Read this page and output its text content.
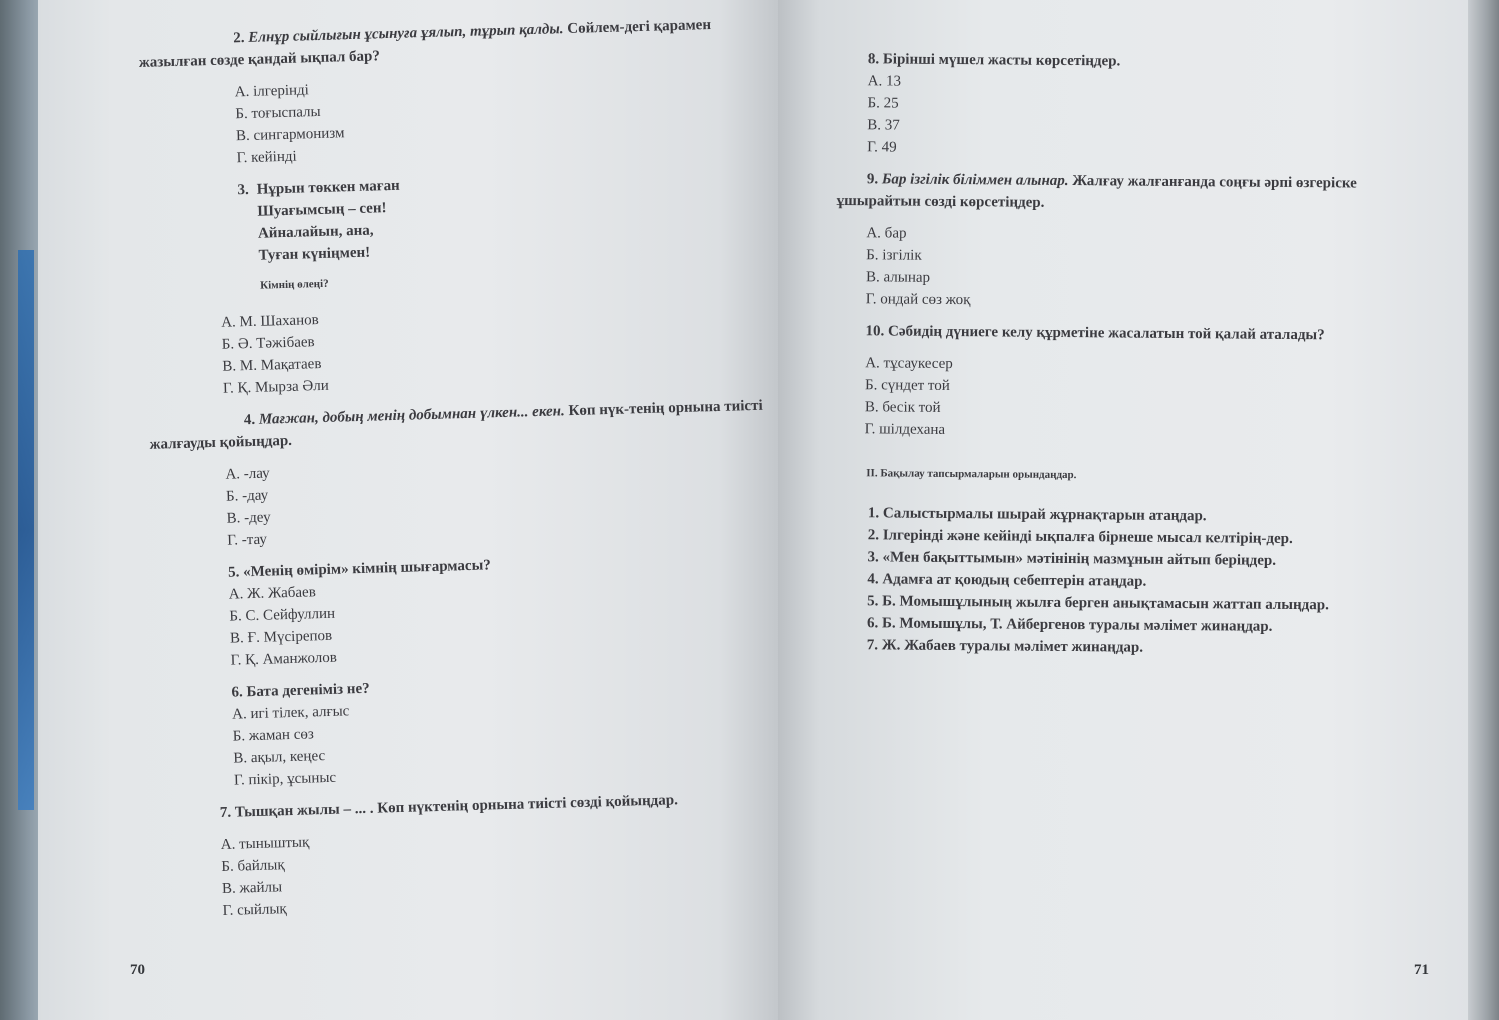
2. Елнұр сыйлығын ұсынуға ұялып, тұрып қалды. Сөйлем-дегі қарамен жазылған сөзде қандай ықпал бар?

А. ілгерінді

Б. тоғыспалы

В. сингармонизм

Г. кейінді

3. Нұрын төккен маған

Шуағымсың – сен!

Айналайын, ана,

Туған күніңмен!

Кімнің өлеңі?

А. М. Шаханов

Б. Ә. Тәжібаев

В. М. Мақатаев

Г. Қ. Мырза Әли

4. Мағжан, добың менің добымнан үлкен... екен. Көп нүк-тенің орнына тиісті жалғауды қойыңдар.

А. -лау

Б. -дау

В. -деу

Г. -тау

5. «Менің өмірім» кімнің шығармасы?

А. Ж. Жабаев

Б. С. Сейфуллин

В. Ғ. Мүсірепов

Г. Қ. Аманжолов

6. Бата дегеніміз не?

А. игі тілек, алғыс

Б. жаман сөз

В. ақыл, кеңес

Г. пікір, ұсыныс

7. Тышқан жылы – ... . Көп нүктенің орнына тиісті сөзді қойыңдар.

А. тыныштық

Б. байлық

В. жайлы

Г. сыйлық

70

8. Бірінші мүшел жасты көрсетіңдер.

А. 13

Б. 25

В. 37

Г. 49

9. Бар ізгілік біліммен алынар. Жалғау жалғанғанда соңғы әрпі өзгеріске ұшырайтын сөзді көрсетіңдер.

А. бар

Б. ізгілік

В. алынар

Г. ондай сөз жоқ

10. Сәбидің дүниеге келу құрметіне жасалатын той қалай аталады?

А. тұсаукесер

Б. сүндет той

В. бесік той

Г. шілдехана

II. Бақылау тапсырмаларын орындаңдар.

1. Салыстырмалы шырай жұрнақтарын атаңдар.

2. Ілгерінді және кейінді ықпалға бірнеше мысал келтірің-дер.

3. «Мен бақыттымын» мәтінінің мазмұнын айтып беріңдер.

4. Адамға ат қоюдың себептерін атаңдар.

5. Б. Момышұлының жылға берген анықтамасын жаттап алыңдар.

6. Б. Момышұлы, Т. Айбергенов туралы мәлімет жинаңдар.

7. Ж. Жабаев туралы мәлімет жинаңдар.

71
